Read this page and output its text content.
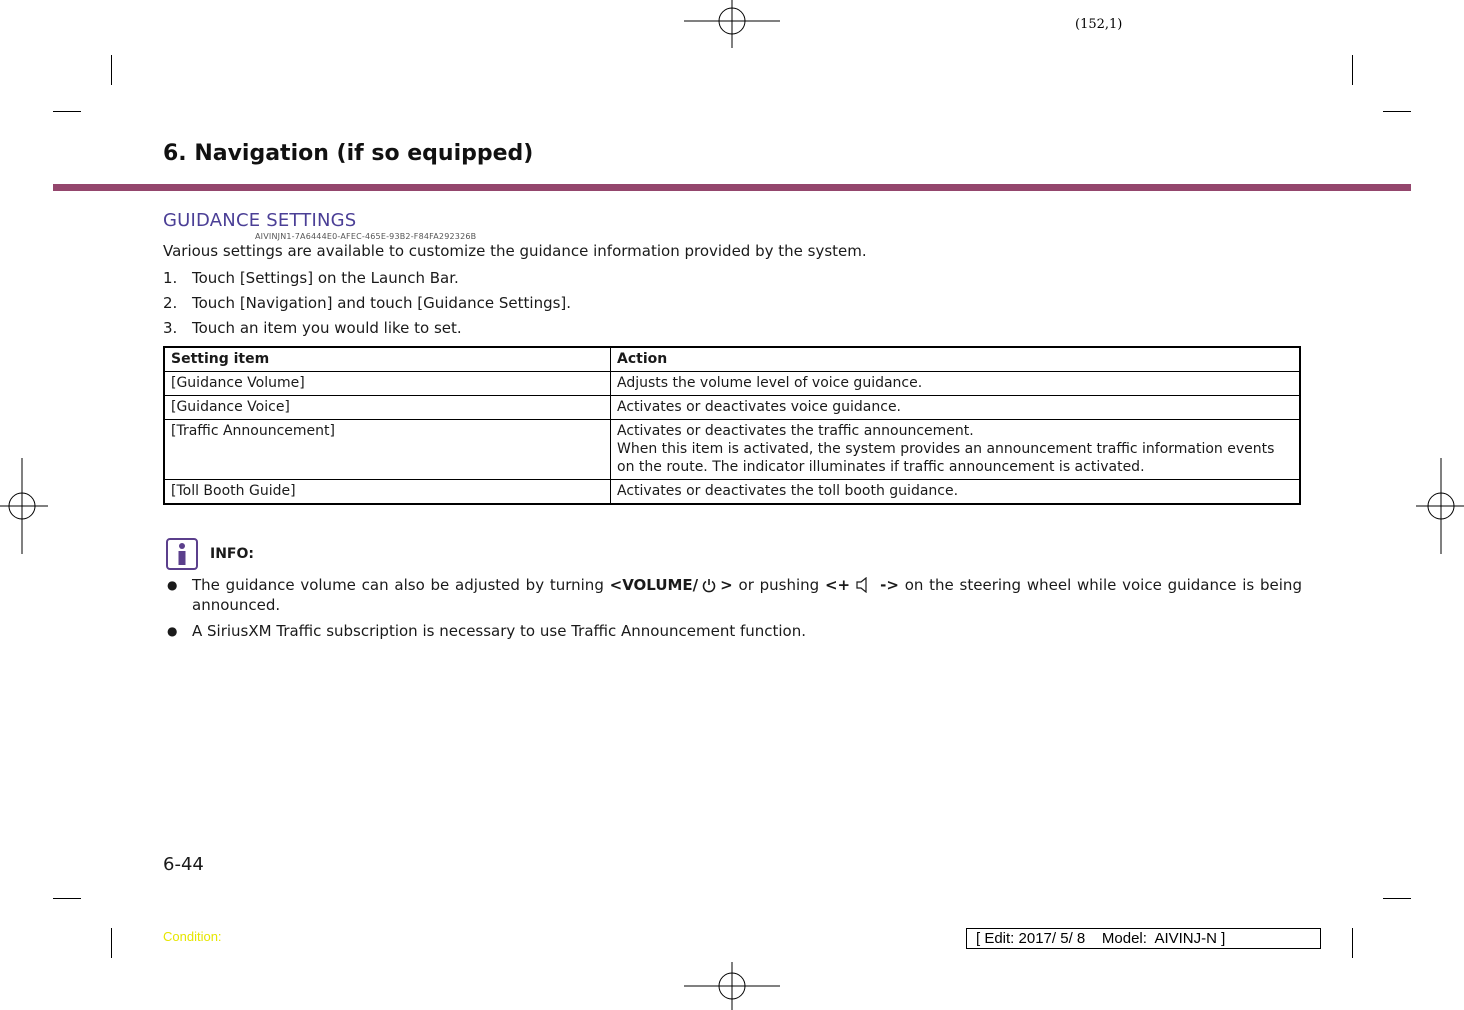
(152,1)
6. Navigation (if so equipped)
GUIDANCE SETTINGS
AIVINJN1-7A6444E0-AFEC-465E-93B2-F84FA292326B

Various settings are available to customize the guidance information provided by the system.

1. Touch [Settings] on the Launch Bar.
2. Touch [Navigation] and touch [Guidance Settings].
3. Touch an item you would like to set.
Setting item	Action
[Guidance Volume]	Adjusts the volume level of voice guidance.
[Guidance Voice]	Activates or deactivates voice guidance.
[Traffic Announcement]	Activates or deactivates the traffic announcement.
When this item is activated, the system provides an announcement traffic information events on the route. The indicator illuminates if traffic announcement is activated.

[Toll Booth Guide]	Activates or deactivates the toll booth guidance.
INFO:
● The guidance volume can also be adjusted by turning <VOLUME/ > or pushing <+ -> on the steering wheel while voice guidance is being announced.
● A SiriusXM Traffic subscription is necessary to use Traffic Announcement function.
6-44
Condition:	[ Edit: 2017/ 5/ 8    Model:  AIVINJ-N ]
